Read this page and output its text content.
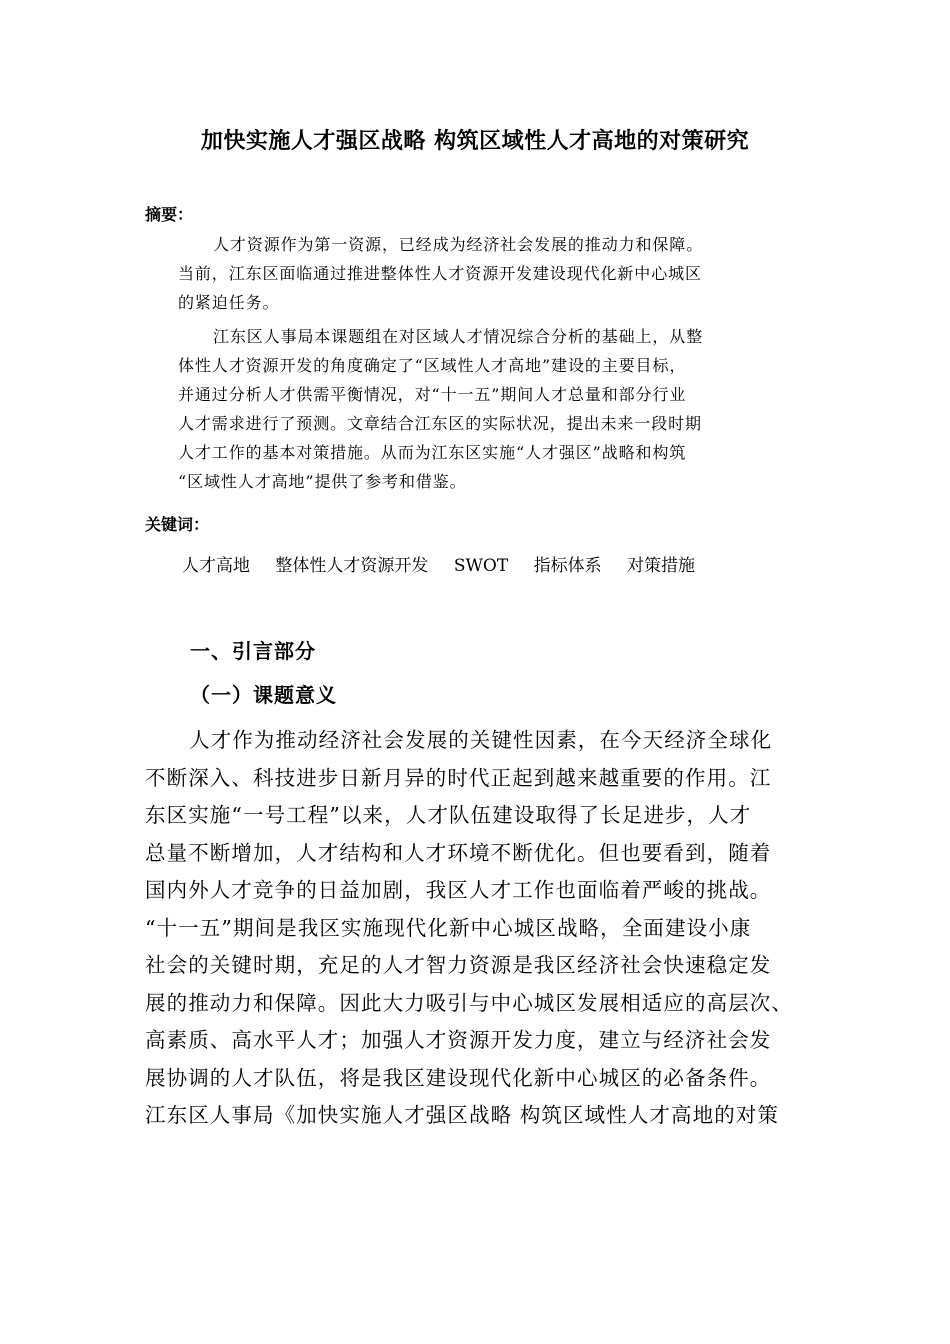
加快实施人才强区战略 构筑区域性人才高地的对策研究
摘要：

人才资源作为第一资源，已经成为经济社会发展的推动力和保障。

当前，江东区面临通过推进整体性人才资源开发建设现代化新中心城区

的紧迫任务。

江东区人事局本课题组在对区域人才情况综合分析的基础上，从整

体性人才资源开发的角度确定了“区域性人才高地”建设的主要目标，

并通过分析人才供需平衡情况，对“十一五”期间人才总量和部分行业

人才需求进行了预测。文章结合江东区的实际状况，提出未来一段时期

人才工作的基本对策措施。从而为江东区实施“人才强区”战略和构筑

“区域性人才高地”提供了参考和借鉴。

关键词：
人才高地 整体性人才资源开发 SWOT 指标体系 对策措施
一、引言部分
（一）课题意义

人才作为推动经济社会发展的关键性因素，在今天经济全球化

不断深入、科技进步日新月异的时代正起到越来越重要的作用。江

东区实施“一号工程”以来，人才队伍建设取得了长足进步，人才

总量不断增加，人才结构和人才环境不断优化。但也要看到，随着

国内外人才竞争的日益加剧，我区人才工作也面临着严峻的挑战。

“十一五”期间是我区实施现代化新中心城区战略，全面建设小康

社会的关键时期，充足的人才智力资源是我区经济社会快速稳定发

展的推动力和保障。因此大力吸引与中心城区发展相适应的高层次、

高素质、高水平人才；加强人才资源开发力度，建立与经济社会发

展协调的人才队伍，将是我区建设现代化新中心城区的必备条件。

江东区人事局《加快实施人才强区战略 构筑区域性人才高地的对策
